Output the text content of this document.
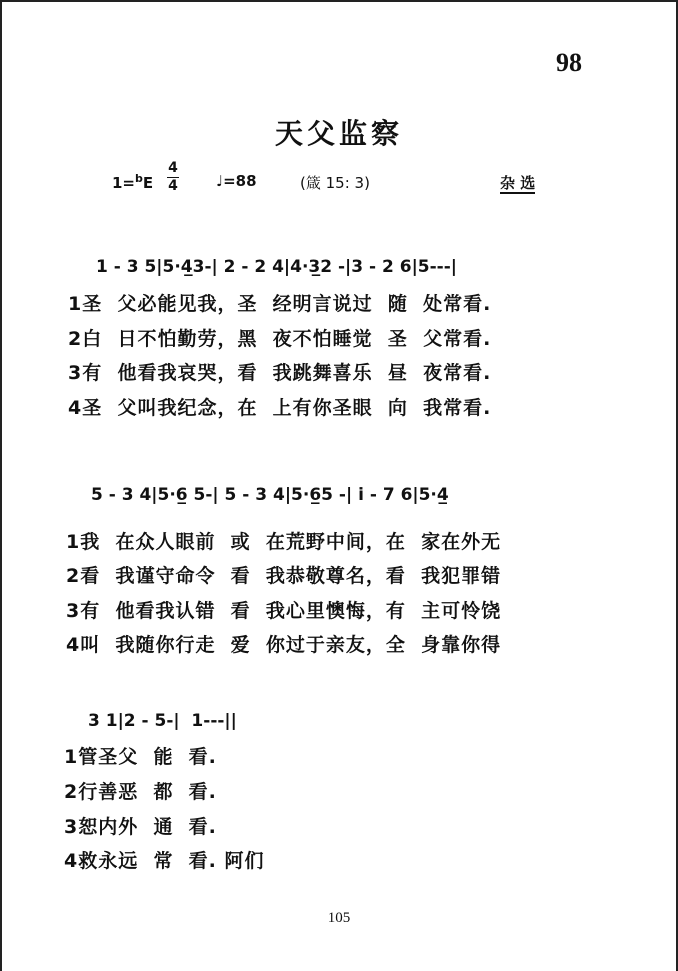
98
天父监察
1=$^b$E
4
4	♩=88	(箴 15: 3)	杂 选
1圣  父必能见我，圣  经明言说过  随  处常看.
2白  日不怕勤劳，黑  夜不怕睡觉  圣  父常看.
3有  他看我哀哭，看  我跳舞喜乐  昼  夜常看.
4圣  父叫我纪念，在  上有你圣眼  向  我常看.
1 - 3 5|5·4̲3-| 2 - 2 4|4·3̲2 -|3 - 2 6|5---|
1我  在众人眼前  或  在荒野中间，在  家在外无
2看  我谨守命令  看  我恭敬尊名，看  我犯罪错
3有  他看我认错  看  我心里懊悔，有  主可怜饶
4叫  我随你行走  爱  你过于亲友，全  身靠你得
5 - 3 4|5·6̲ 5-| 5 - 3 4|5·6̲5 -| i̇ - 7 6|5·4̲
1管圣父  能  看.
2行善恶  都  看.
3恕内外  通  看.
4救永远  常  看. 阿们
3 1|2 - 5-|  1---||
105
